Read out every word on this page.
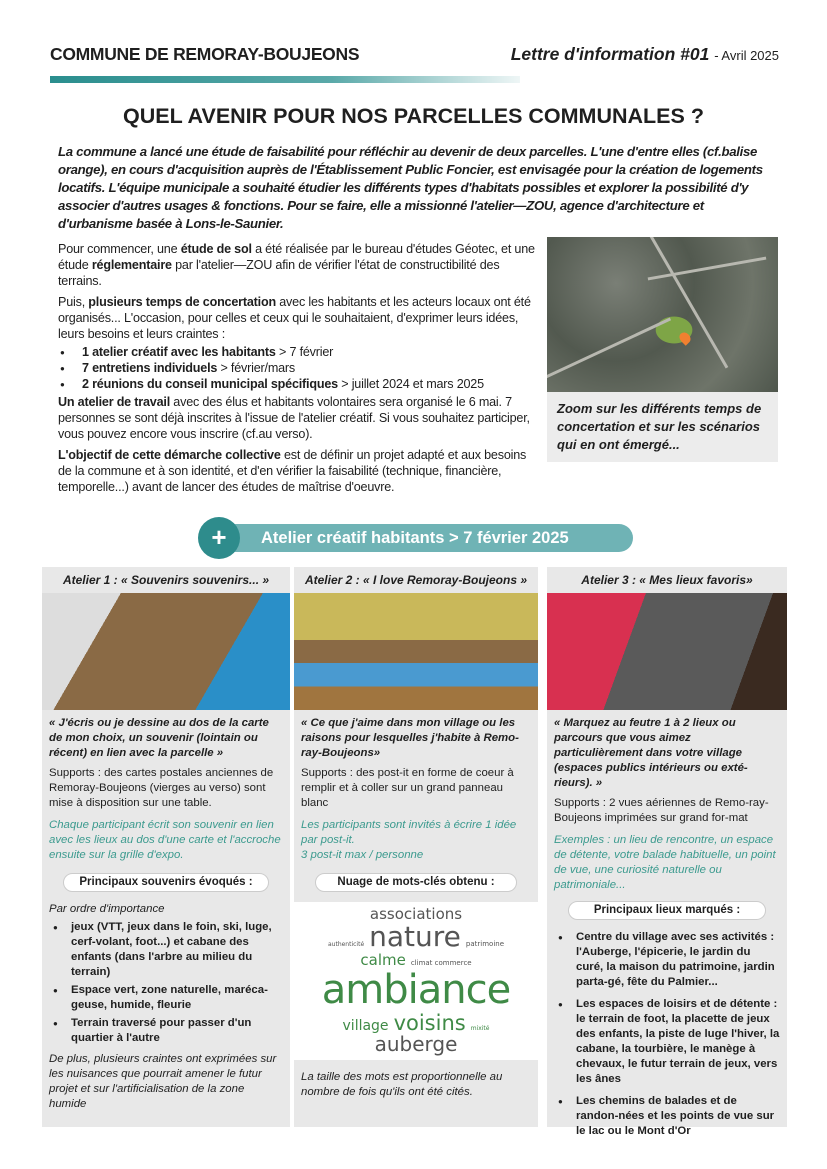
COMMUNE DE REMORAY-BOUJEONS	Lettre d'information #01 - Avril 2025
QUEL AVENIR POUR NOS PARCELLES COMMUNALES ?
La commune a lancé une étude de faisabilité pour réfléchir au devenir de deux parcelles. L'une d'entre elles (cf.balise orange), en cours d'acquisition auprès de l'Établissement Public Foncier, est envisagée pour la création de logements locatifs. L'équipe municipale a souhaité étudier les différents types d'habitats possibles et explorer la possibilité d'y associer d'autres usages & fonctions. Pour se faire, elle a missionné l'atelier—ZOU, agence d'architecture et d'urbanisme basée à Lons-le-Saunier.

Pour commencer, une étude de sol a été réalisée par le bureau d'études Géotec, et une étude réglementaire par l'atelier—ZOU afin de vérifier l'état de constructibilité des terrains.

Puis, plusieurs temps de concertation avec les habitants et les acteurs locaux ont été organisés... L'occasion, pour celles et ceux qui le souhaitaient, d'exprimer leurs idées, leurs besoins et leurs craintes :

● 1 atelier créatif avec les habitants > 7 février
● 7 entretiens individuels > février/mars
● 2 réunions du conseil municipal spécifiques > juillet 2024 et mars 2025

Un atelier de travail avec des élus et habitants volontaires sera organisé le 6 mai. 7 personnes se sont déjà inscrites à l'issue de l'atelier créatif. Si vous souhaitez participer, vous pouvez encore vous inscrire (cf.au verso).

L'objectif de cette démarche collective est de définir un projet adapté et aux besoins de la commune et à son identité, et d'en vérifier la faisabilité (technique, financière, temporelle...) avant de lancer des études de maîtrise d'oeuvre.

Zoom sur les différents temps de concertation et sur les scénarios qui en ont émergé...
Atelier créatif habitants > 7 février 2025
+
Atelier 1 : « Souvenirs souvenirs... »
« J'écris ou je dessine au dos de la carte de mon choix, un souvenir (lointain ou récent) en lien avec la parcelle »
Supports : des cartes postales anciennes de Remoray-Boujeons (vierges au verso) sont mise à disposition sur une table.
Chaque participant écrit son souvenir en lien avec les lieux au dos d'une carte et l'accroche ensuite sur la grille d'expo.
Principaux souvenirs évoqués :
Par ordre d'importance
● jeux (VTT, jeux dans le foin, ski, luge, cerf-volant, foot...) et cabane des enfants (dans l'arbre au milieu du terrain)
● Espace vert, zone naturelle, maréca-geuse, humide, fleurie
● Terrain traversé pour passer d'un quartier à l'autre
De plus, plusieurs craintes ont exprimées sur les nuisances que pourrait amener le futur projet et sur l'artificialisation de la zone humide
Atelier 2 : « I love Remoray-Boujeons »
« Ce que j'aime dans mon village ou les raisons pour lesquelles j'habite à Remo-ray-Boujeons»
Supports : des post-it en forme de coeur à remplir et à coller sur un grand panneau blanc
Les participants sont invités à écrire 1 idée par post-it.
3 post-it max / personne
Nuage de mots-clés obtenu :
associations
authenticité nature patrimoine
calme climat commerce
ambiance
village voisins mixité
auberge
La taille des mots est proportionnelle au nombre de fois qu'ils ont été cités.
Atelier 3 : « Mes lieux favoris»
« Marquez au feutre 1 à 2 lieux ou parcours que vous aimez particulièrement dans votre village (espaces publics intérieurs ou exté-rieurs). »
Supports : 2 vues aériennes de Remo-ray-Boujeons imprimées sur grand for-mat
Exemples : un lieu de rencontre, un espace de détente, votre balade habituelle, un point de vue, une curiosité naturelle ou patrimoniale...
Principaux lieux marqués :
● Centre du village avec ses activités : l'Auberge, l'épicerie, le jardin du curé, la maison du patrimoine, jardin parta-gé, fête du Palmier...
● Les espaces de loisirs et de détente : le terrain de foot, la placette de jeux des enfants, la piste de luge l'hiver, la cabane, la tourbière, le manège à chevaux, le futur terrain de jeux, vers les ânes
● Les chemins de balades et de randon-nées et les points de vue sur le lac ou le Mont d'Or
